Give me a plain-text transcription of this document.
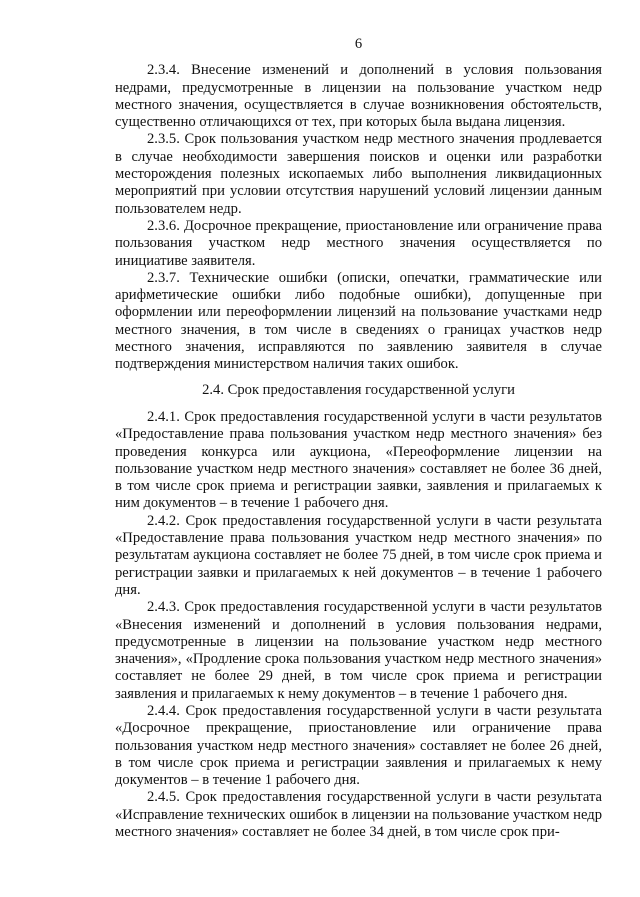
6

2.3.4. Внесение изменений и дополнений в условия пользования недрами, предусмотренные в лицензии на пользование участком недр местного значения, осуществляется в случае возникновения обстоятельств, существенно отличающихся от тех, при которых была выдана лицензия.

2.3.5. Срок пользования участком недр местного значения продлевается в случае необходимости завершения поисков и оценки или разработки месторождения полезных ископаемых либо выполнения ликвидационных мероприятий при условии отсутствия нарушений условий лицензии данным пользователем недр.

2.3.6. Досрочное прекращение, приостановление или ограничение права пользования участком недр местного значения осуществляется по инициативе заявителя.

2.3.7. Технические ошибки (описки, опечатки, грамматические или арифметические ошибки либо подобные ошибки), допущенные при оформлении или переоформлении лицензий на пользование участками недр местного значения, в том числе в сведениях о границах участков недр местного значения, исправляются по заявлению заявителя в случае подтверждения министерством наличия таких ошибок.

2.4. Срок предоставления государственной услуги

2.4.1. Срок предоставления государственной услуги в части результатов «Предоставление права пользования участком недр местного значения» без проведения конкурса или аукциона, «Переоформление лицензии на пользование участком недр местного значения» составляет не более 36 дней, в том числе срок приема и регистрации заявки, заявления и прилагаемых к ним документов – в течение 1 рабочего дня.

2.4.2. Срок предоставления государственной услуги в части результата «Предоставление права пользования участком недр местного значения» по результатам аукциона составляет не более 75 дней, в том числе срок приема и регистрации заявки и прилагаемых к ней документов – в течение 1 рабочего дня.

2.4.3. Срок предоставления государственной услуги в части результатов «Внесения изменений и дополнений в условия пользования недрами, предусмотренные в лицензии на пользование участком недр местного значения», «Продление срока пользования участком недр местного значения» составляет не более 29 дней, в том числе срок приема и регистрации заявления и прилагаемых к нему документов – в течение 1 рабочего дня.

2.4.4. Срок предоставления государственной услуги в части результата «Досрочное прекращение, приостановление или ограничение права пользования участком недр местного значения» составляет не более 26 дней, в том числе срок приема и регистрации заявления и прилагаемых к нему документов – в течение 1 рабочего дня.

2.4.5. Срок предоставления государственной услуги в части результата «Исправление технических ошибок в лицензии на пользование участком недр местного значения» составляет не более 34 дней, в том числе срок при-
